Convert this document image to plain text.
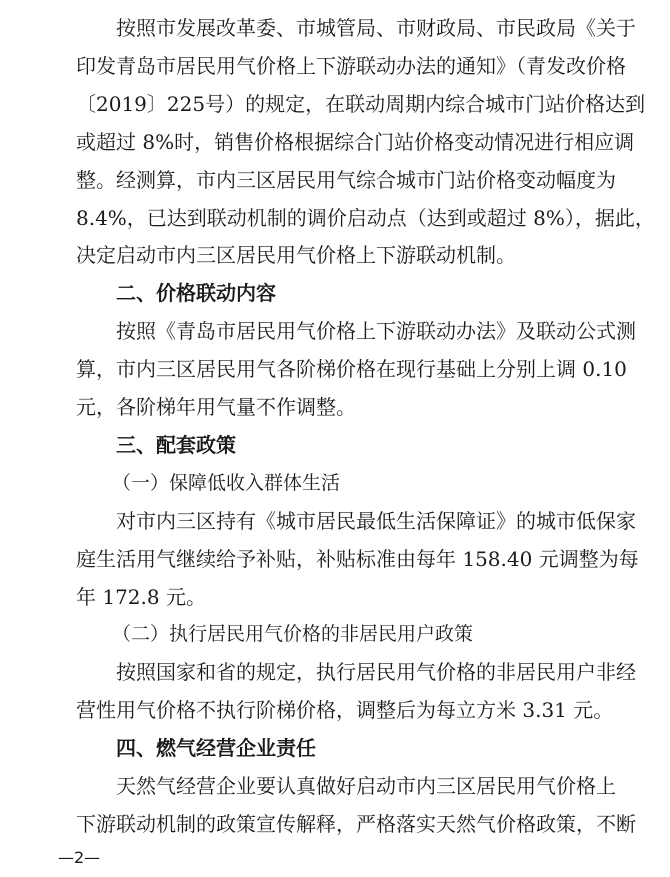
按照市发展改革委、市城管局、市财政局、市民政局《关于
印发青岛市居民用气价格上下游联动办法的通知》（青发改价格
〔2019〕225号）的规定，在联动周期内综合城市门站价格达到
或超过 8%时，销售价格根据综合门站价格变动情况进行相应调
整。经测算，市内三区居民用气综合城市门站价格变动幅度为
8.4%，已达到联动机制的调价启动点（达到或超过 8%），据此，
决定启动市内三区居民用气价格上下游联动机制。
二、价格联动内容
按照《青岛市居民用气价格上下游联动办法》及联动公式测
算，市内三区居民用气各阶梯价格在现行基础上分别上调 0.10
元，各阶梯年用气量不作调整。
三、配套政策
（一）保障低收入群体生活
对市内三区持有《城市居民最低生活保障证》的城市低保家
庭生活用气继续给予补贴，补贴标准由每年 158.40 元调整为每
年 172.8 元。
（二）执行居民用气价格的非居民用户政策
按照国家和省的规定，执行居民用气价格的非居民用户非经
营性用气价格不执行阶梯价格，调整后为每立方米 3.31 元。
四、燃气经营企业责任
天然气经营企业要认真做好启动市内三区居民用气价格上
下游联动机制的政策宣传解释，严格落实天然气价格政策，不断
—2—
